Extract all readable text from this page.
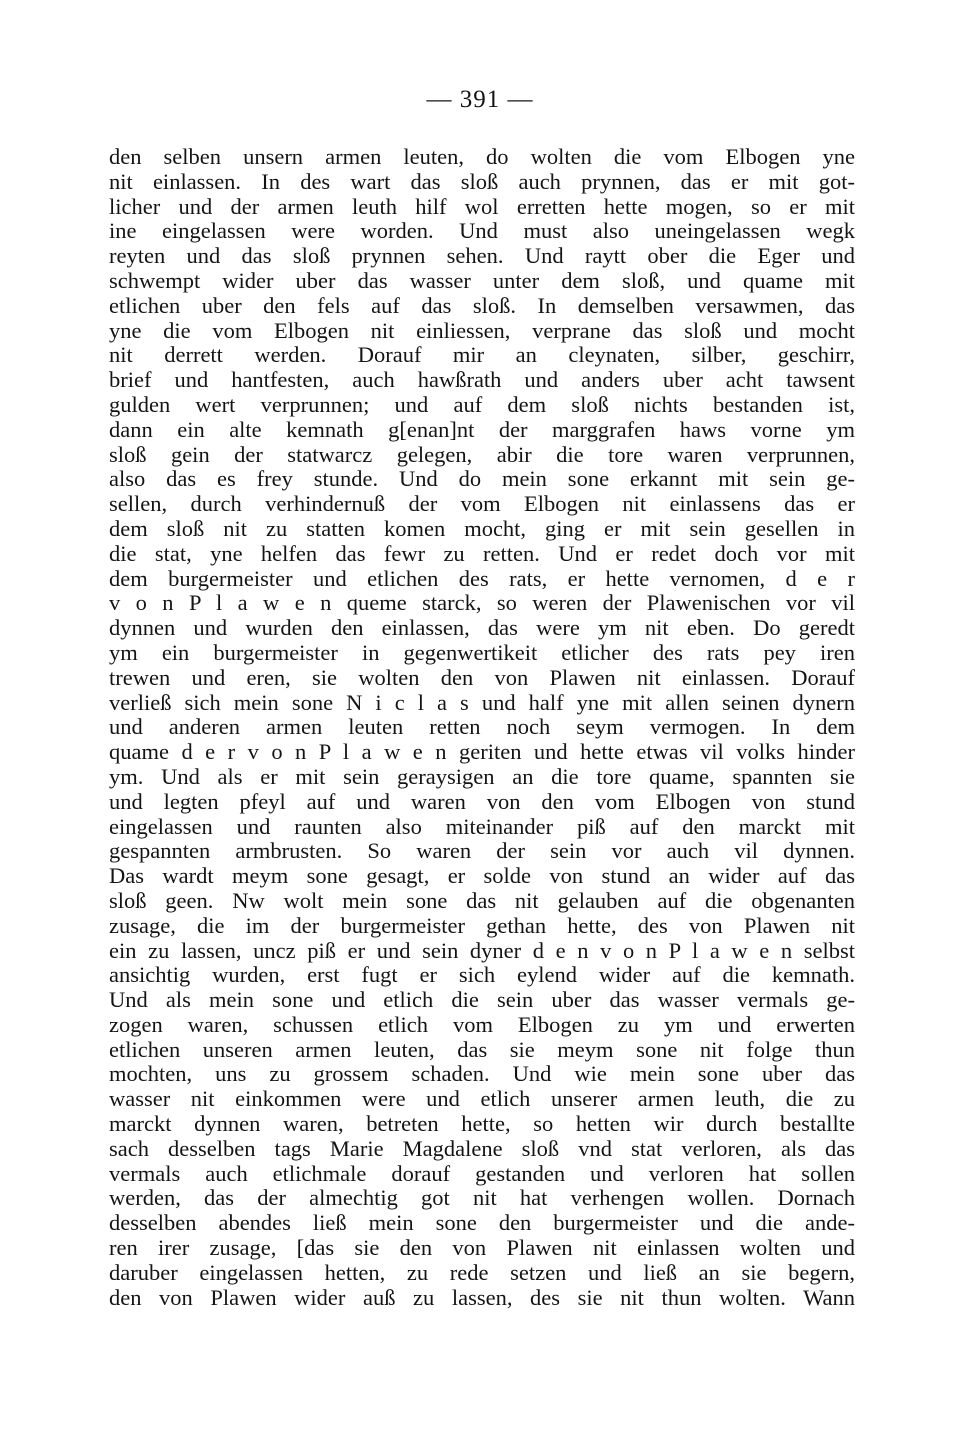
— 391 —
den selben unsern armen leuten, do wolten die vom Elbogen yne
nit einlassen. In des wart das sloß auch prynnen, das er mit got-
licher und der armen leuth hilf wol erretten hette mogen, so er mit
ine eingelassen were worden. Und must also uneingelassen wegk
reyten und das sloß prynnen sehen. Und raytt ober die Eger und
schwempt wider uber das wasser unter dem sloß, und quame mit
etlichen uber den fels auf das sloß. In demselben versawmen, das
yne die vom Elbogen nit einliessen, verprane das sloß und mocht
nit derrett werden. Dorauf mir an cleynaten, silber, geschirr,
brief und hantfesten, auch hawßrath und anders uber acht tawsent
gulden wert verprunnen; und auf dem sloß nichts bestanden ist,
dann ein alte kemnath g[enan]nt der marggrafen haws vorne ym
sloß gein der statwarcz gelegen, abir die tore waren verprunnen,
also das es frey stunde. Und do mein sone erkannt mit sein ge-
sellen, durch verhindernuß der vom Elbogen nit einlassens das er
dem sloß nit zu statten komen mocht, ging er mit sein gesellen in
die stat, yne helfen das fewr zu retten. Und er redet doch vor mit
dem burgermeister und etlichen des rats, er hette vernomen, d e r
v o n P l a w e n queme starck, so weren der Plawenischen vor vil
dynnen und wurden den einlassen, das were ym nit eben. Do geredt
ym ein burgermeister in gegenwertikeit etlicher des rats pey iren
trewen und eren, sie wolten den von Plawen nit einlassen. Dorauf
verließ sich mein sone N i c l a s und half yne mit allen seinen dynern
und anderen armen leuten retten noch seym vermogen. In dem
quame d e r v o n P l a w e n geriten und hette etwas vil volks hinder
ym. Und als er mit sein geraysigen an die tore quame, spannten sie
und legten pfeyl auf und waren von den vom Elbogen von stund
eingelassen und raunten also miteinander piß auf den marckt mit
gespannten armbrusten. So waren der sein vor auch vil dynnen.
Das wardt meym sone gesagt, er solde von stund an wider auf das
sloß geen. Nw wolt mein sone das nit gelauben auf die obgenanten
zusage, die im der burgermeister gethan hette, des von Plawen nit
ein zu lassen, uncz piß er und sein dyner d e n v o n P l a w e n selbst
ansichtig wurden, erst fugt er sich eylend wider auf die kemnath.
Und als mein sone und etlich die sein uber das wasser vermals ge-
zogen waren, schussen etlich vom Elbogen zu ym und erwerten
etlichen unseren armen leuten, das sie meym sone nit folge thun
mochten, uns zu grossem schaden. Und wie mein sone uber das
wasser nit einkommen were und etlich unserer armen leuth, die zu
marckt dynnen waren, betreten hette, so hetten wir durch bestallte
sach desselben tags Marie Magdalene sloß vnd stat verloren, als das
vermals auch etlichmale dorauf gestanden und verloren hat sollen
werden, das der almechtig got nit hat verhengen wollen. Dornach
desselben abendes ließ mein sone den burgermeister und die ande-
ren irer zusage, [das sie den von Plawen nit einlassen wolten und
daruber eingelassen hetten, zu rede setzen und ließ an sie begern,
den von Plawen wider auß zu lassen, des sie nit thun wolten. Wann
